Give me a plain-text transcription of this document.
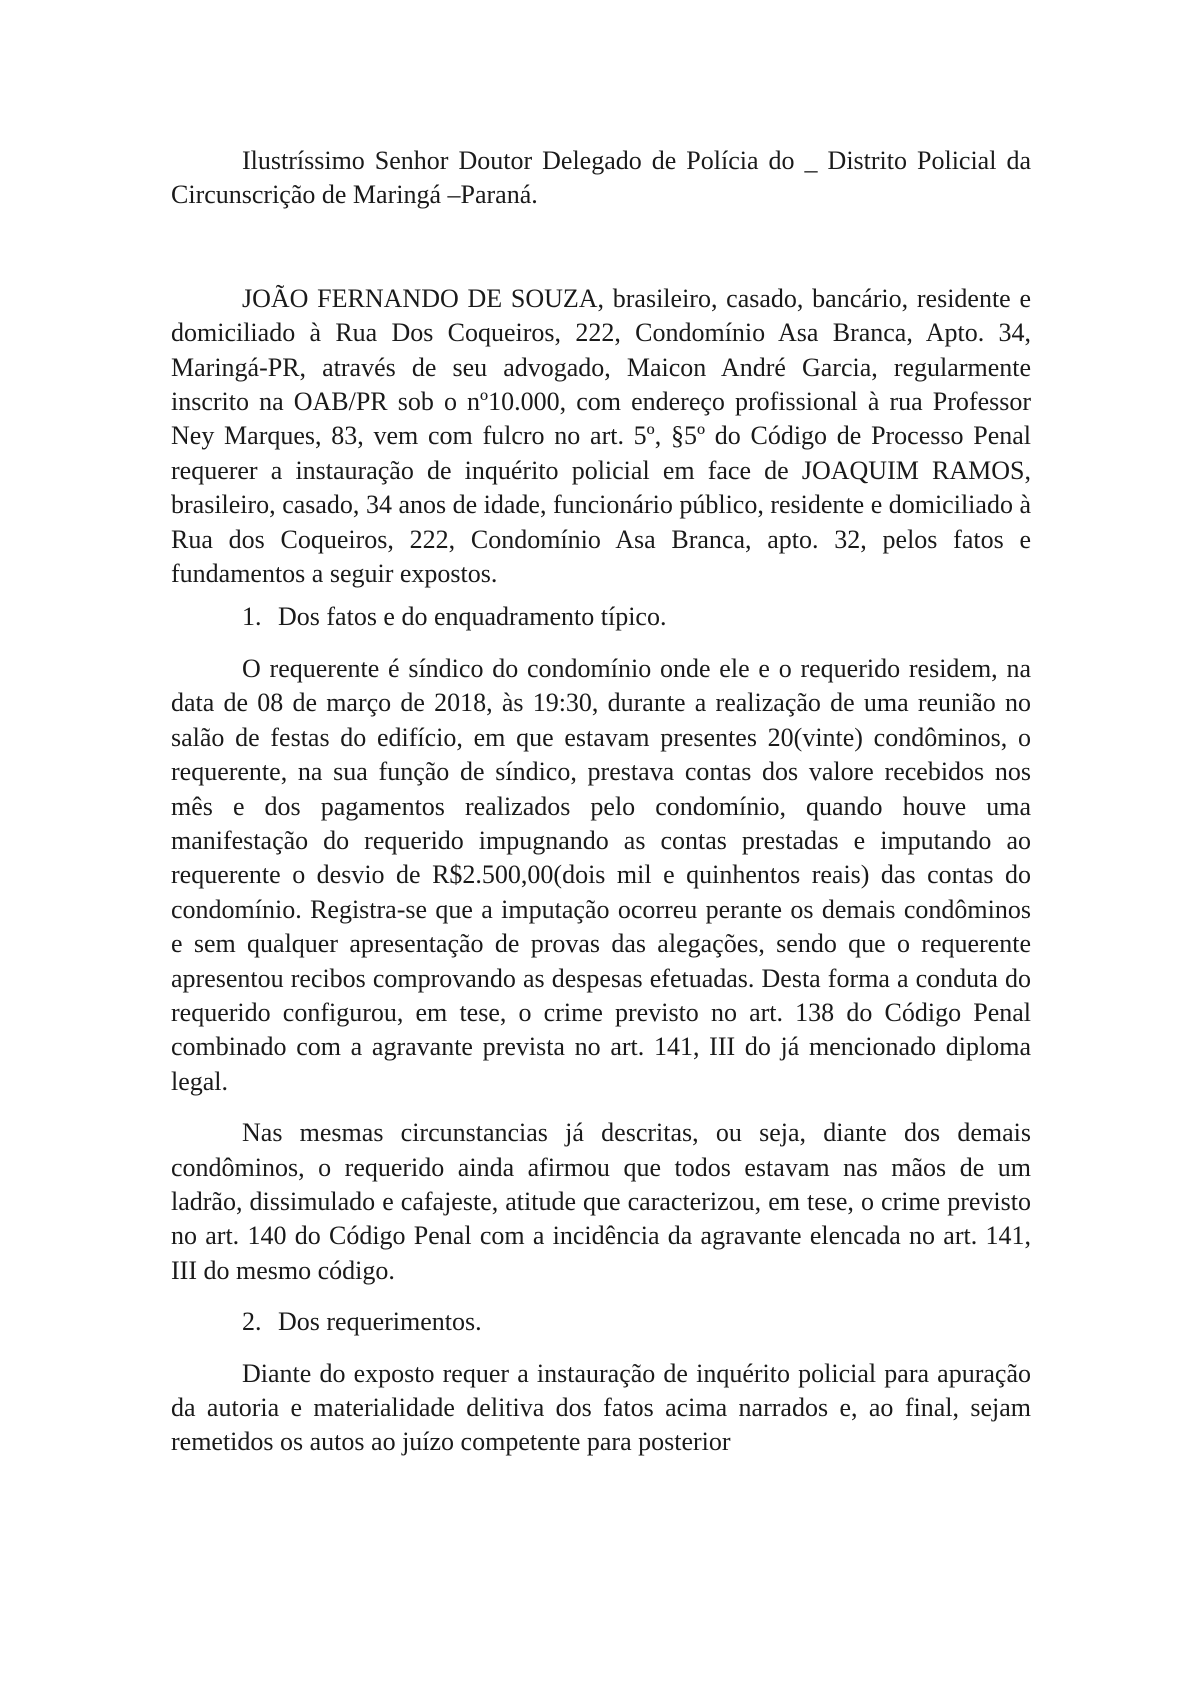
Ilustríssimo Senhor Doutor Delegado de Polícia do _ Distrito Policial da Circunscrição de Maringá –Paraná.

JOÃO FERNANDO DE SOUZA, brasileiro, casado, bancário, residente e domiciliado à Rua Dos Coqueiros, 222, Condomínio Asa Branca, Apto. 34, Maringá-PR, através de seu advogado, Maicon André Garcia, regularmente inscrito na OAB/PR sob o nº10.000, com endereço profissional à rua Professor Ney Marques, 83, vem com fulcro no art. 5º, §5º do Código de Processo Penal requerer a instauração de inquérito policial em face de JOAQUIM RAMOS, brasileiro, casado, 34 anos de idade, funcionário público, residente e domiciliado à Rua dos Coqueiros, 222, Condomínio Asa Branca, apto. 32, pelos fatos e fundamentos a seguir expostos.

1. Dos fatos e do enquadramento típico.

O requerente é síndico do condomínio onde ele e o requerido residem, na data de 08 de março de 2018, às 19:30, durante a realização de uma reunião no salão de festas do edifício, em que estavam presentes 20(vinte) condôminos, o requerente, na sua função de síndico, prestava contas dos valore recebidos nos mês e dos pagamentos realizados pelo condomínio, quando houve uma manifestação do requerido impugnando as contas prestadas e imputando ao requerente o desvio de R$2.500,00(dois mil e quinhentos reais) das contas do condomínio. Registra-se que a imputação ocorreu perante os demais condôminos e sem qualquer apresentação de provas das alegações, sendo que o requerente apresentou recibos comprovando as despesas efetuadas. Desta forma a conduta do requerido configurou, em tese, o crime previsto no art. 138 do Código Penal combinado com a agravante prevista no art. 141, III do já mencionado diploma legal.

Nas mesmas circunstancias já descritas, ou seja, diante dos demais condôminos, o requerido ainda afirmou que todos estavam nas mãos de um ladrão, dissimulado e cafajeste, atitude que caracterizou, em tese, o crime previsto no art. 140 do Código Penal com a incidência da agravante elencada no art. 141, III do mesmo código.

2. Dos requerimentos.

Diante do exposto requer a instauração de inquérito policial para apuração da autoria e materialidade delitiva dos fatos acima narrados e, ao final, sejam remetidos os autos ao juízo competente para posterior
